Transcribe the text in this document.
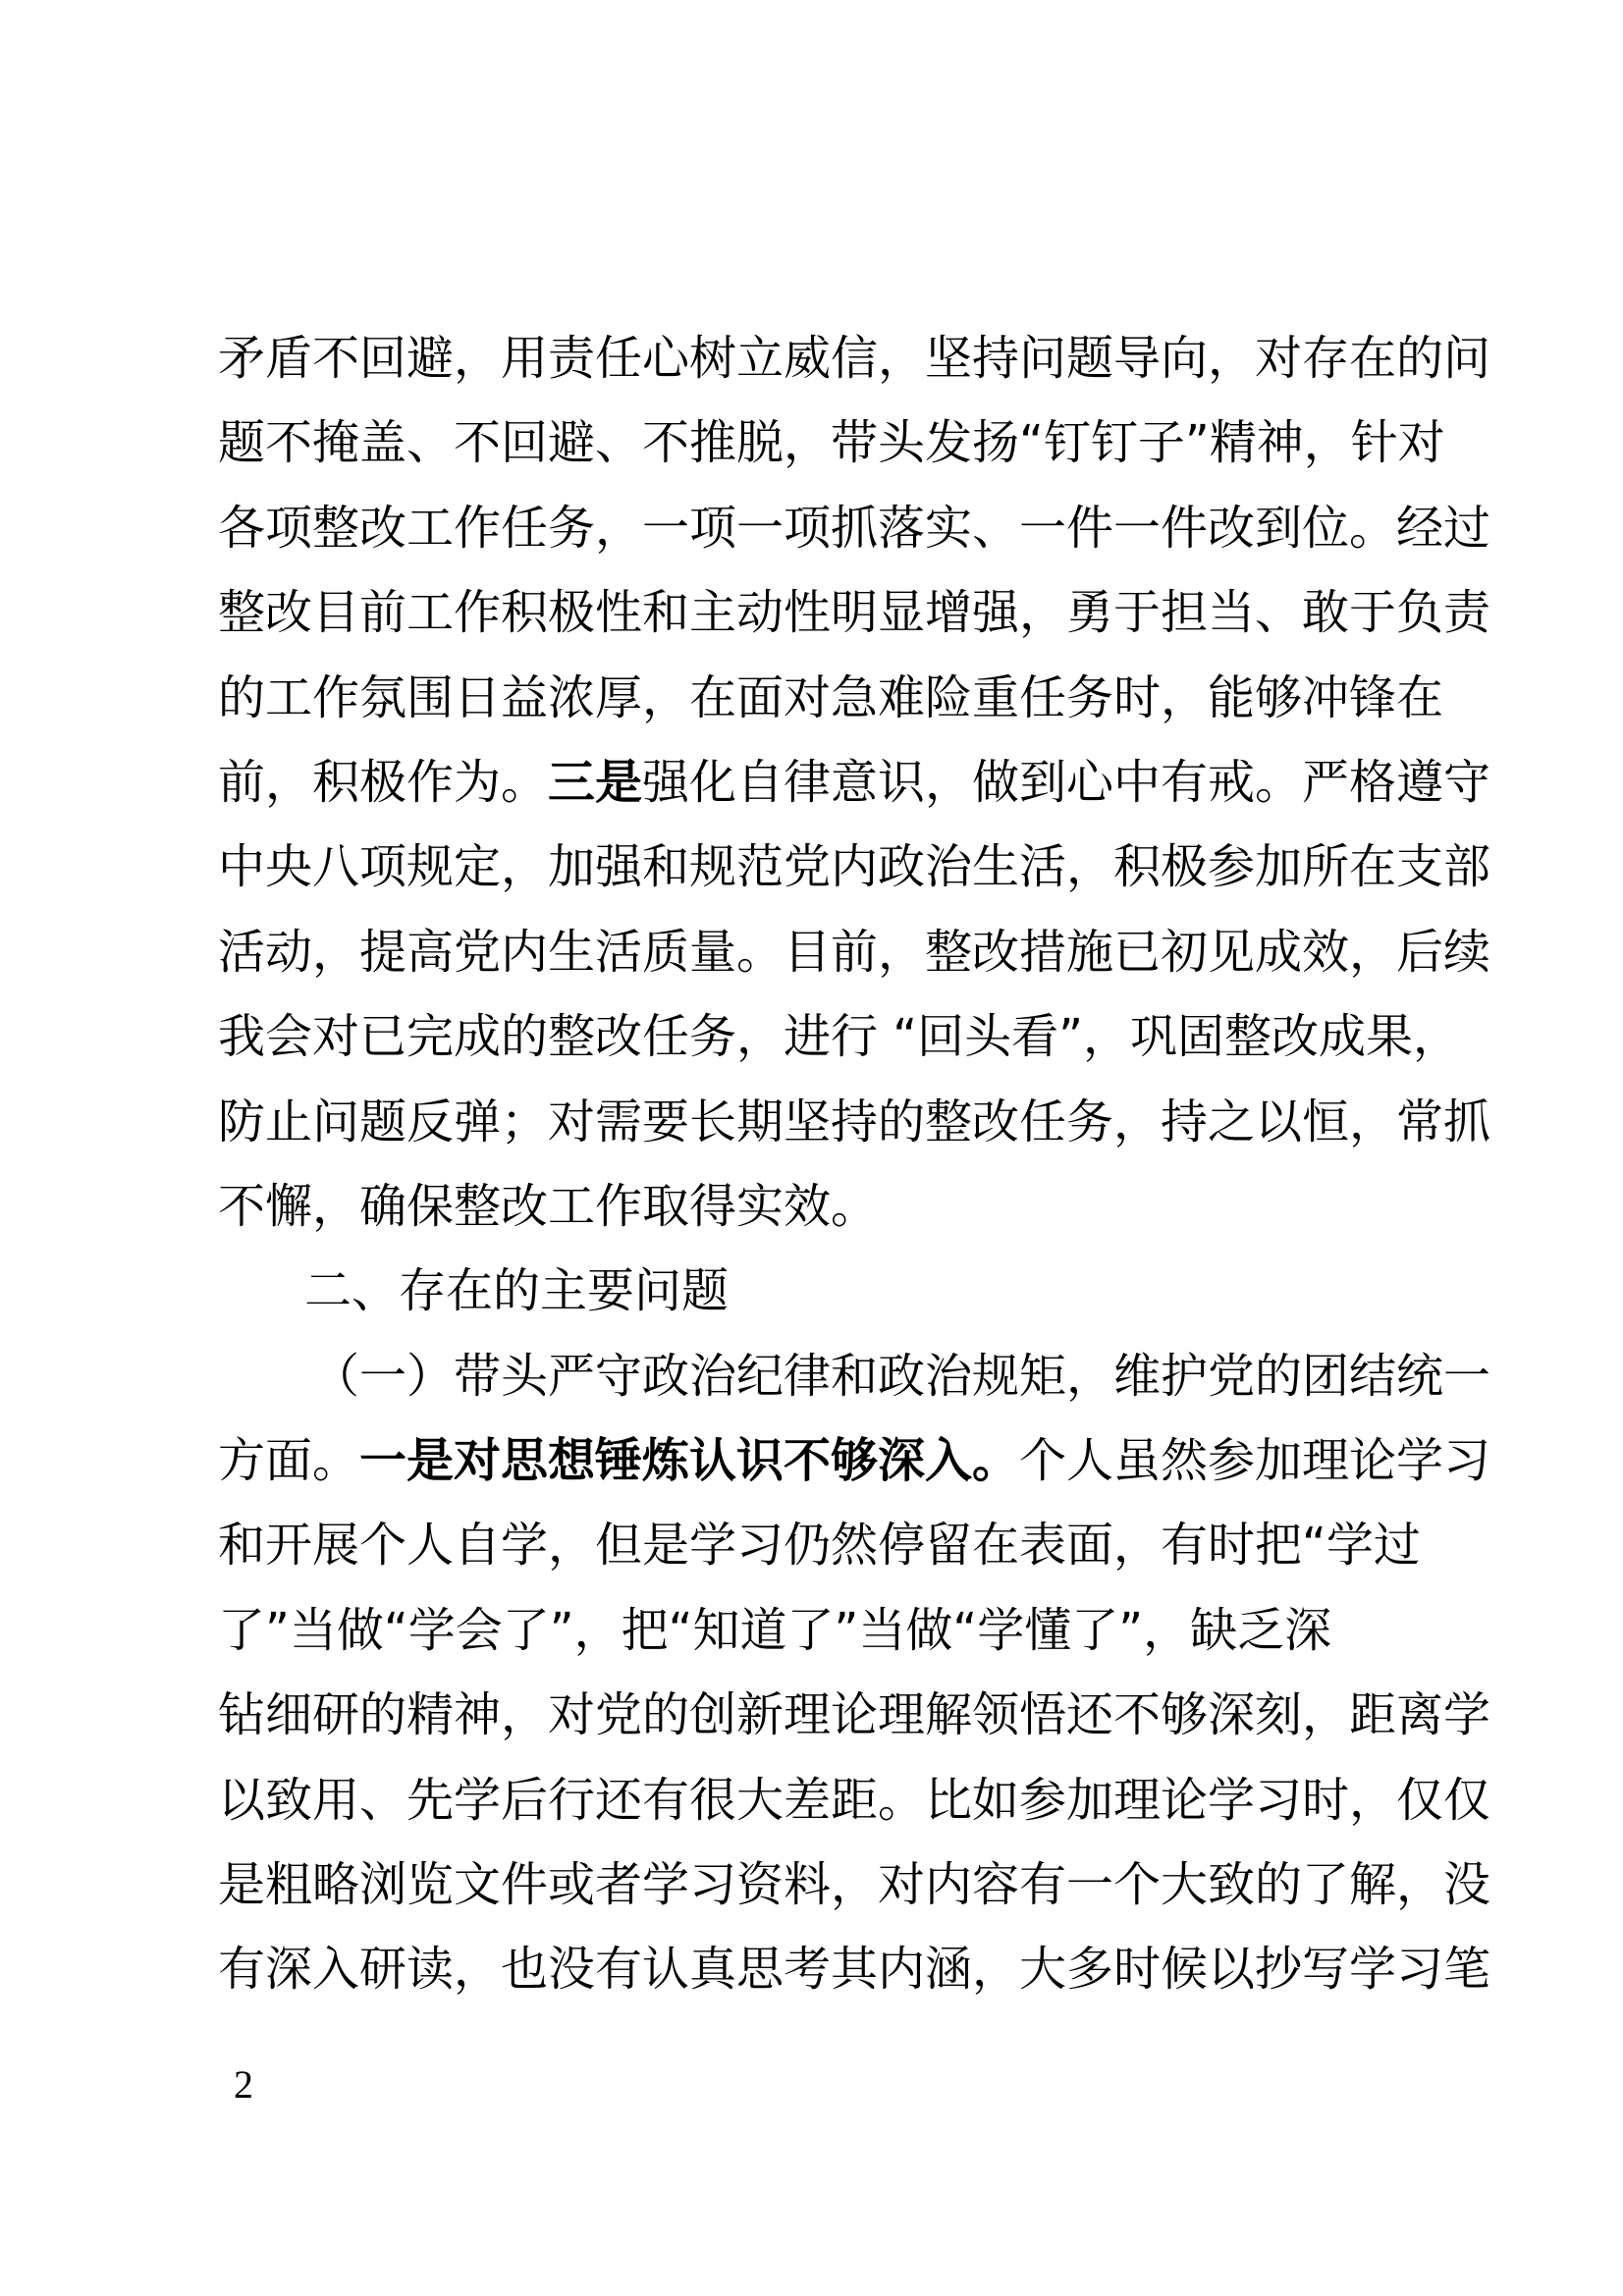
矛盾不回避，用责任心树立威信，坚持问题导向，对存在的问
题不掩盖、不回避、不推脱，带头发扬“钉钉子”精神，针对
各项整改工作任务，一项一项抓落实、一件一件改到位。经过
整改目前工作积极性和主动性明显增强，勇于担当、敢于负责
的工作氛围日益浓厚，在面对急难险重任务时，能够冲锋在
前，积极作为。三是强化自律意识，做到心中有戒。严格遵守
中央八项规定，加强和规范党内政治生活，积极参加所在支部
活动，提高党内生活质量。目前，整改措施已初见成效，后续
我会对已完成的整改任务，进行 “回头看”，巩固整改成果，
防止问题反弹；对需要长期坚持的整改任务，持之以恒，常抓
不懈，确保整改工作取得实效。
二、存在的主要问题
（一）带头严守政治纪律和政治规矩，维护党的团结统一
方面。一是对思想锤炼认识不够深入。个人虽然参加理论学习
和开展个人自学，但是学习仍然停留在表面，有时把“学过
了”当做“学会了”，把“知道了”当做“学懂了”，缺乏深
钻细研的精神，对党的创新理论理解领悟还不够深刻，距离学
以致用、先学后行还有很大差距。比如参加理论学习时，仅仅
是粗略浏览文件或者学习资料，对内容有一个大致的了解，没
有深入研读，也没有认真思考其内涵，大多时候以抄写学习笔
2
